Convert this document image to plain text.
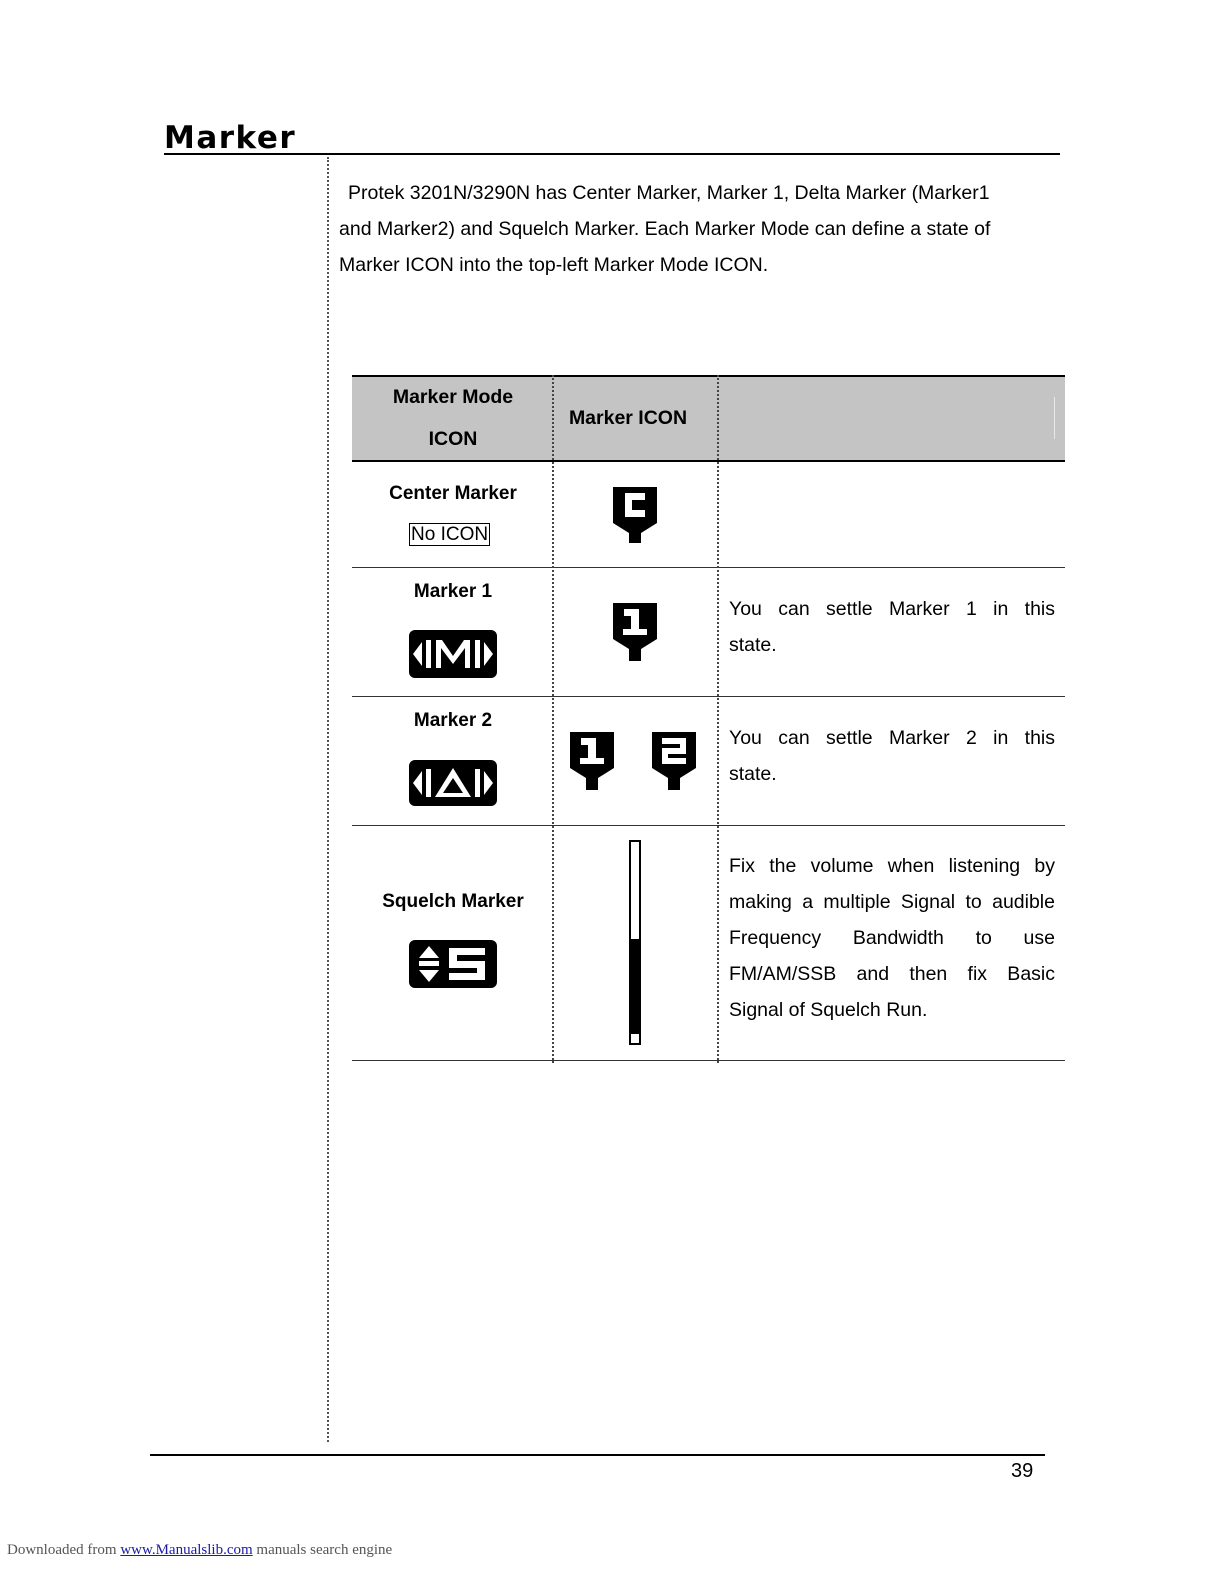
Marker

Protek 3201N/3290N has Center Marker, Marker 1, Delta Marker (Marker1

and Marker2) and Squelch Marker. Each Marker Mode can define a state of

Marker ICON into the top-left Marker Mode ICON.

Marker Mode
ICON
Marker ICON
Center Marker
No ICON
Marker 1
You can settle Marker 1 in this
state.
Marker 2
You can settle Marker 2 in this
state.
Squelch Marker
Fix the volume when listening by
making a multiple Signal to audible
Frequency Bandwidth to use
FM/AM/SSB and then fix Basic
Signal of Squelch Run.
39
Downloaded from www.Manualslib.com manuals search engine
